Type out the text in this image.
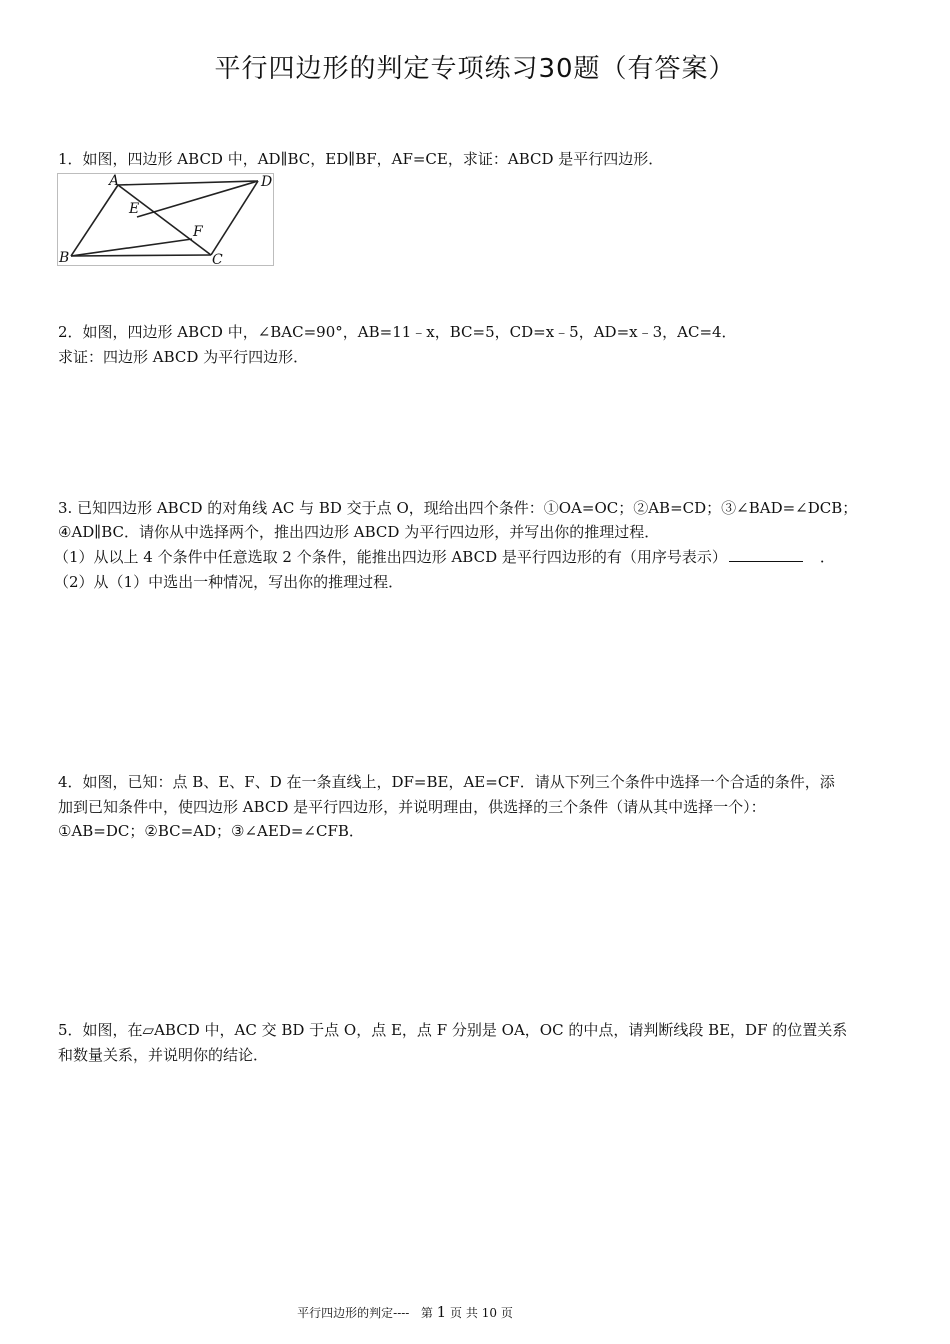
平行四边形的判定专项练习30题（有答案）
1．如图，四边形 ABCD 中，AD∥BC，ED∥BF，AF=CE，求证：ABCD 是平行四边形．
A	D
E
F
B	C
2．如图，四边形 ABCD 中，∠BAC=90°，AB=11﹣x，BC=5，CD=x﹣5，AD=x﹣3，AC=4．
求证：四边形 ABCD 为平行四边形．
3. 已知四边形 ABCD 的对角线 AC 与 BD 交于点 O，现给出四个条件：①OA=OC；②AB=CD；③∠BAD=∠DCB；
④AD∥BC．请你从中选择两个，推出四边形 ABCD 为平行四边形，并写出你的推理过程．
（1）从以上 4 个条件中任意选取 2 个条件，能推出四边形 ABCD 是平行四边形的有（用序号表示）	．
（2）从（1）中选出一种情况，写出你的推理过程．
4．如图，已知：点 B、E、F、D 在一条直线上，DF=BE，AE=CF．请从下列三个条件中选择一个合适的条件，添
加到已知条件中，使四边形 ABCD 是平行四边形，并说明理由，供选择的三个条件（请从其中选择一个）：
①AB=DC；②BC=AD；③∠AED=∠CFB．
5．如图，在▱ABCD 中，AC 交 BD 于点 O，点 E，点 F 分别是 OA，OC 的中点，请判断线段 BE，DF 的位置关系
和数量关系，并说明你的结论．
平行四边形的判定---- 第 1 页 共 10 页
